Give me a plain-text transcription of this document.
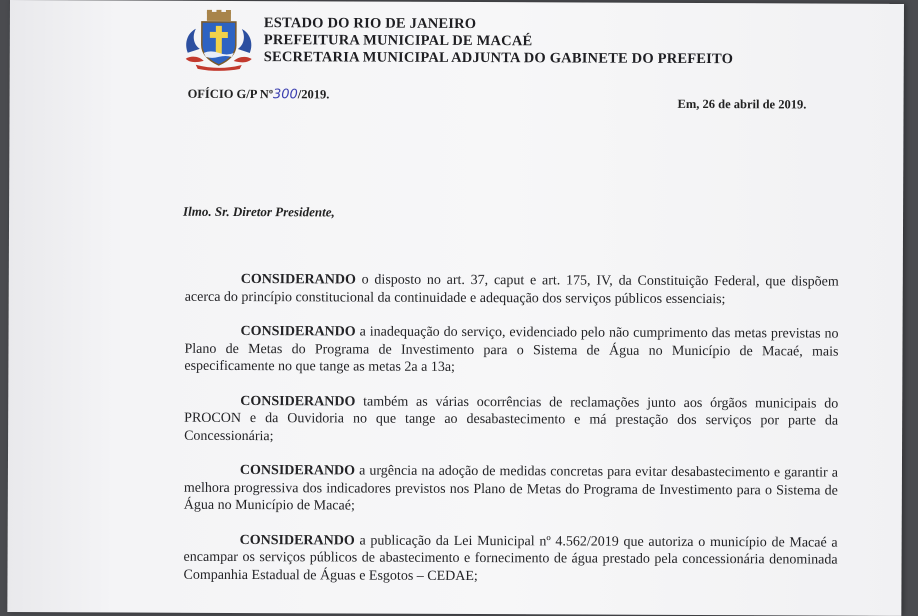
ESTADO DO RIO DE JANEIRO
PREFEITURA MUNICIPAL DE MACAÉ
SECRETARIA MUNICIPAL ADJUNTA DO GABINETE DO PREFEITO
OFÍCIO G/P Nº300/2019.
Em, 26 de abril de 2019.
Ilmo. Sr. Diretor Presidente,

CONSIDERANDO o disposto no art. 37, caput e art. 175, IV, da Constituição Federal, que dispõem acerca do princípio constitucional da continuidade e adequação dos serviços públicos essenciais;

CONSIDERANDO a inadequação do serviço, evidenciado pelo não cumprimento das metas previstas no Plano de Metas do Programa de Investimento para o Sistema de Água no Município de Macaé, mais especificamente no que tange as metas 2a a 13a;

CONSIDERANDO também as várias ocorrências de reclamações junto aos órgãos municipais do PROCON e da Ouvidoria no que tange ao desabastecimento e má prestação dos serviços por parte da Concessionária;

CONSIDERANDO a urgência na adoção de medidas concretas para evitar desabastecimento e garantir a melhora progressiva dos indicadores previstos nos Plano de Metas do Programa de Investimento para o Sistema de Água no Município de Macaé;

CONSIDERANDO a publicação da Lei Municipal nº 4.562/2019 que autoriza o município de Macaé a encampar os serviços públicos de abastecimento e fornecimento de água prestado pela concessionária denominada Companhia Estadual de Águas e Esgotos – CEDAE;
